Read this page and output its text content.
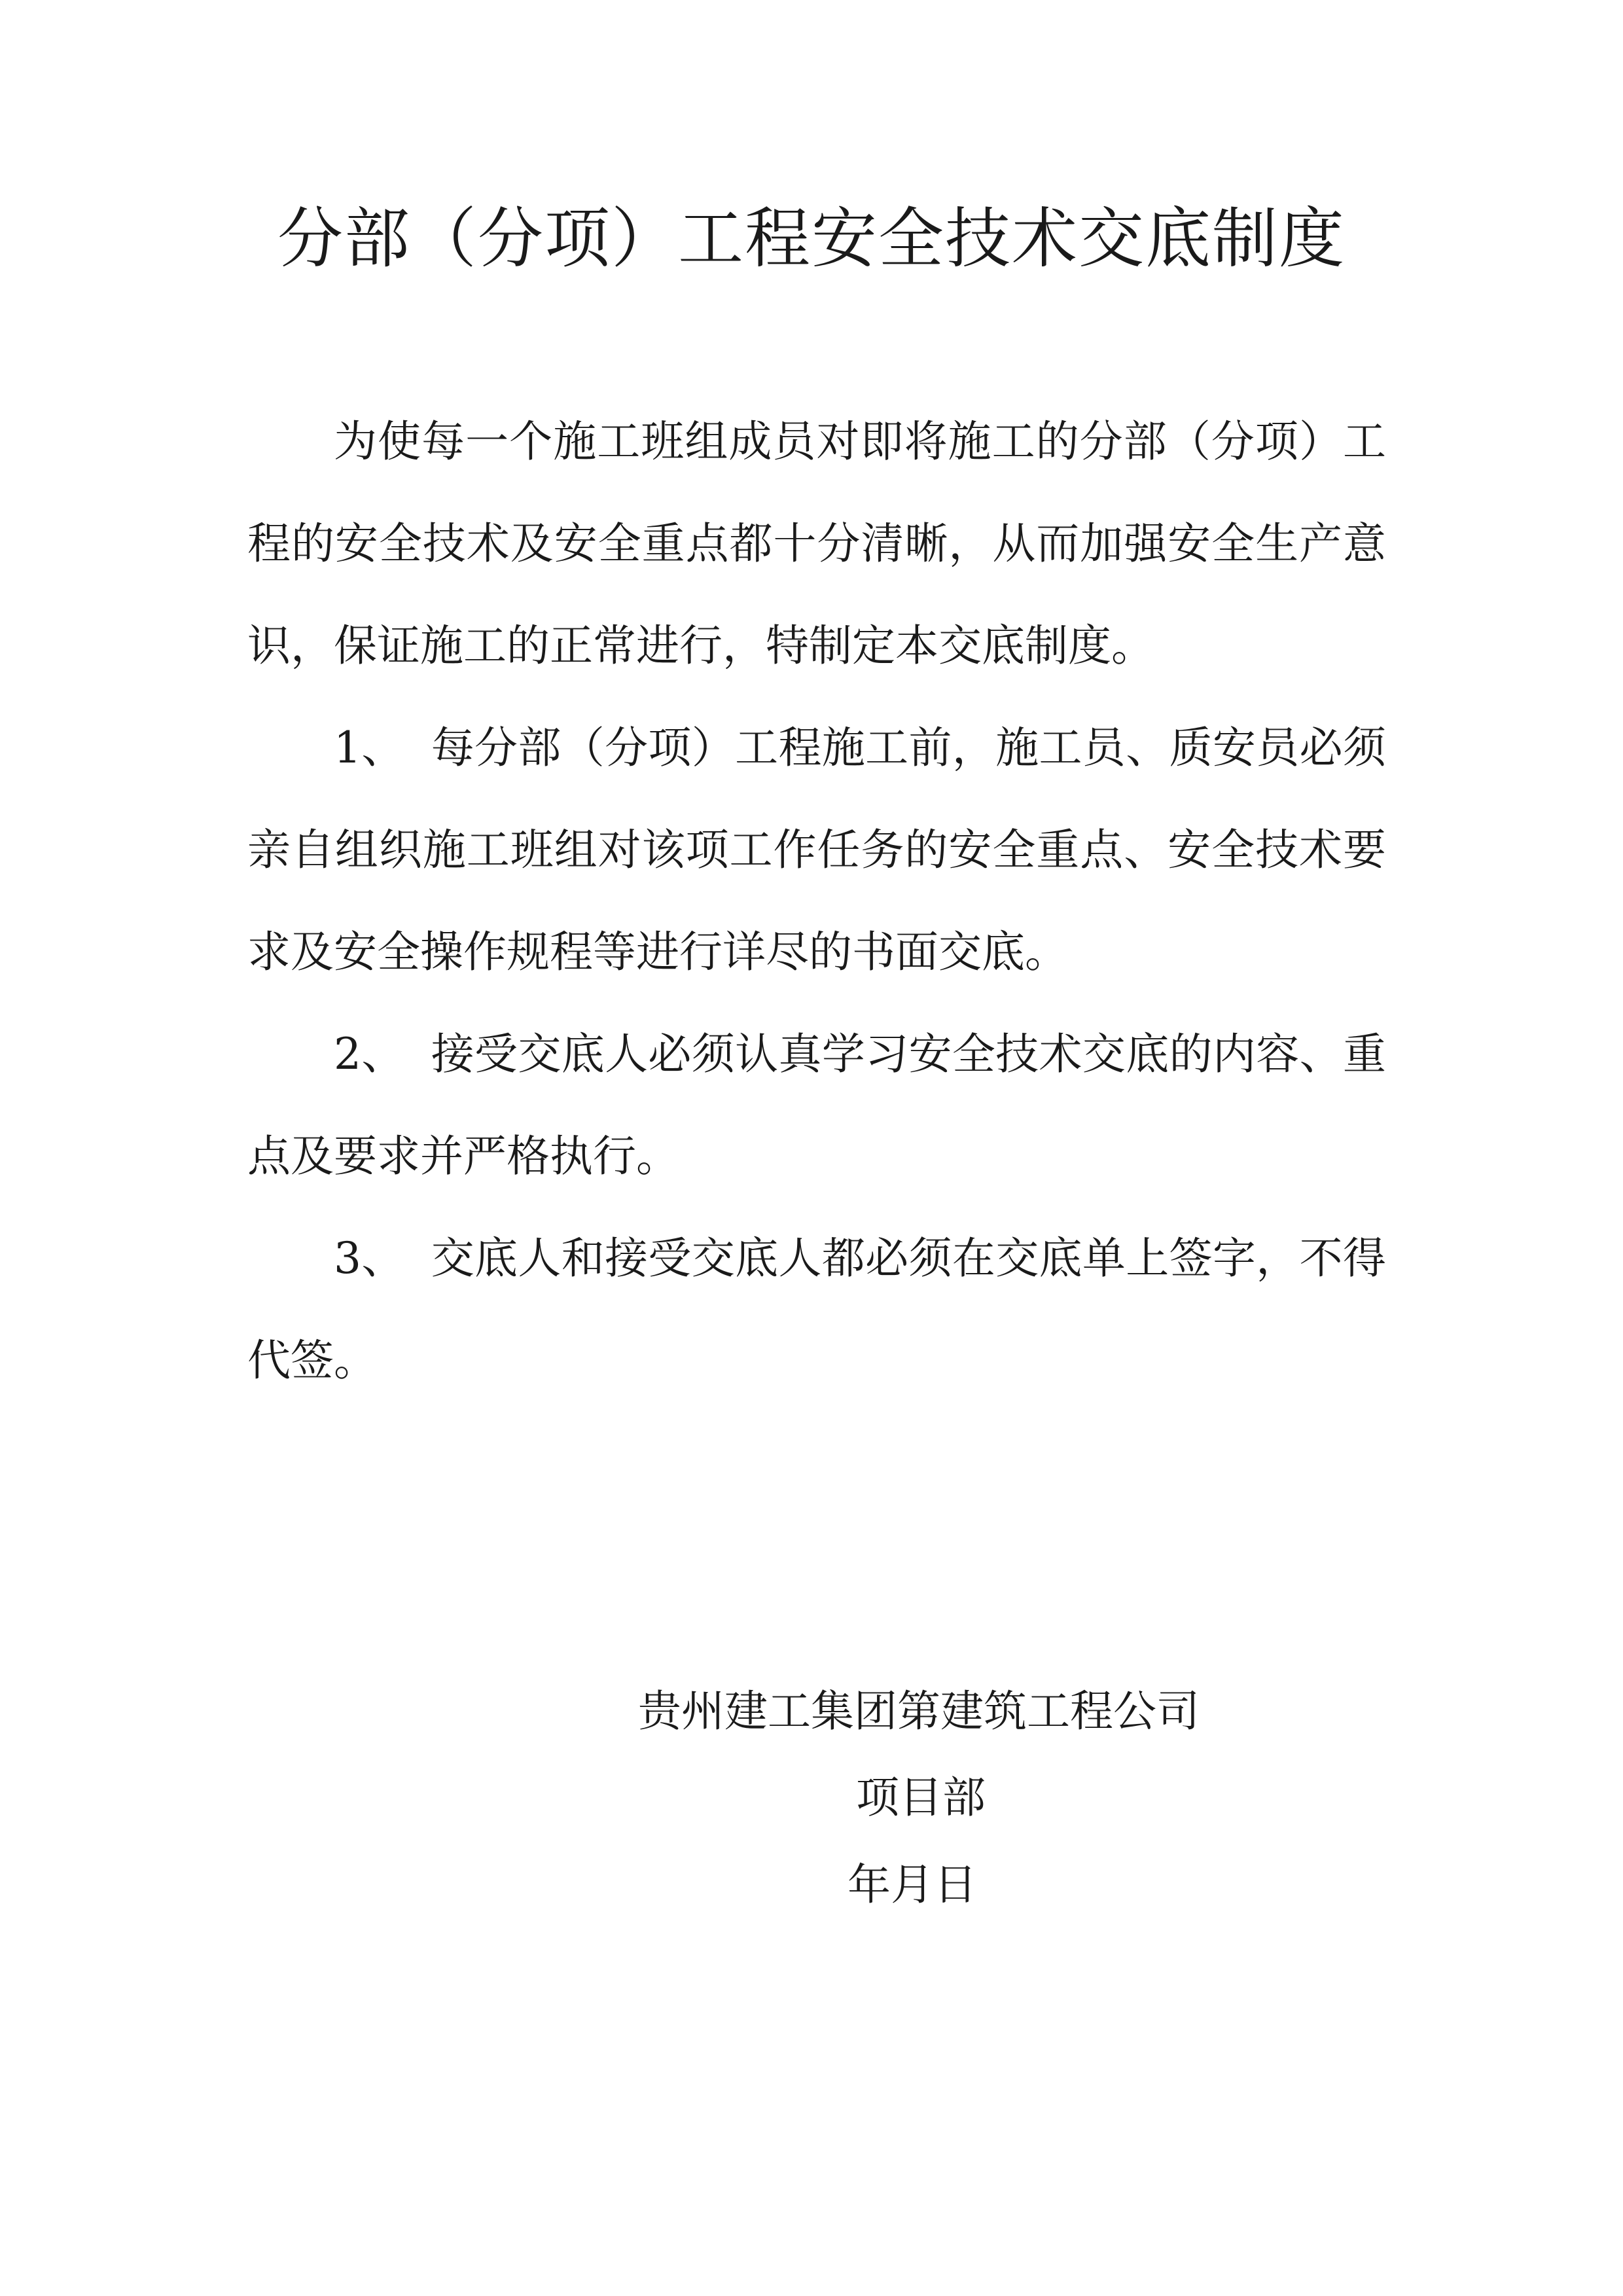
分部（分项）工程安全技术交底制度

为使每一个施工班组成员对即将施工的分部（分项）工程的安全技术及安全重点都十分清晰，从而加强安全生产意识，保证施工的正常进行，特制定本交底制度。

1、 每分部（分项）工程施工前，施工员、质安员必须亲自组织施工班组对该项工作任务的安全重点、安全技术要求及安全操作规程等进行详尽的书面交底。

2、 接受交底人必须认真学习安全技术交底的内容、重点及要求并严格执行。

3、 交底人和接受交底人都必须在交底单上签字，不得代签。

贵州建工集团第建筑工程公司
项目部
年月日
